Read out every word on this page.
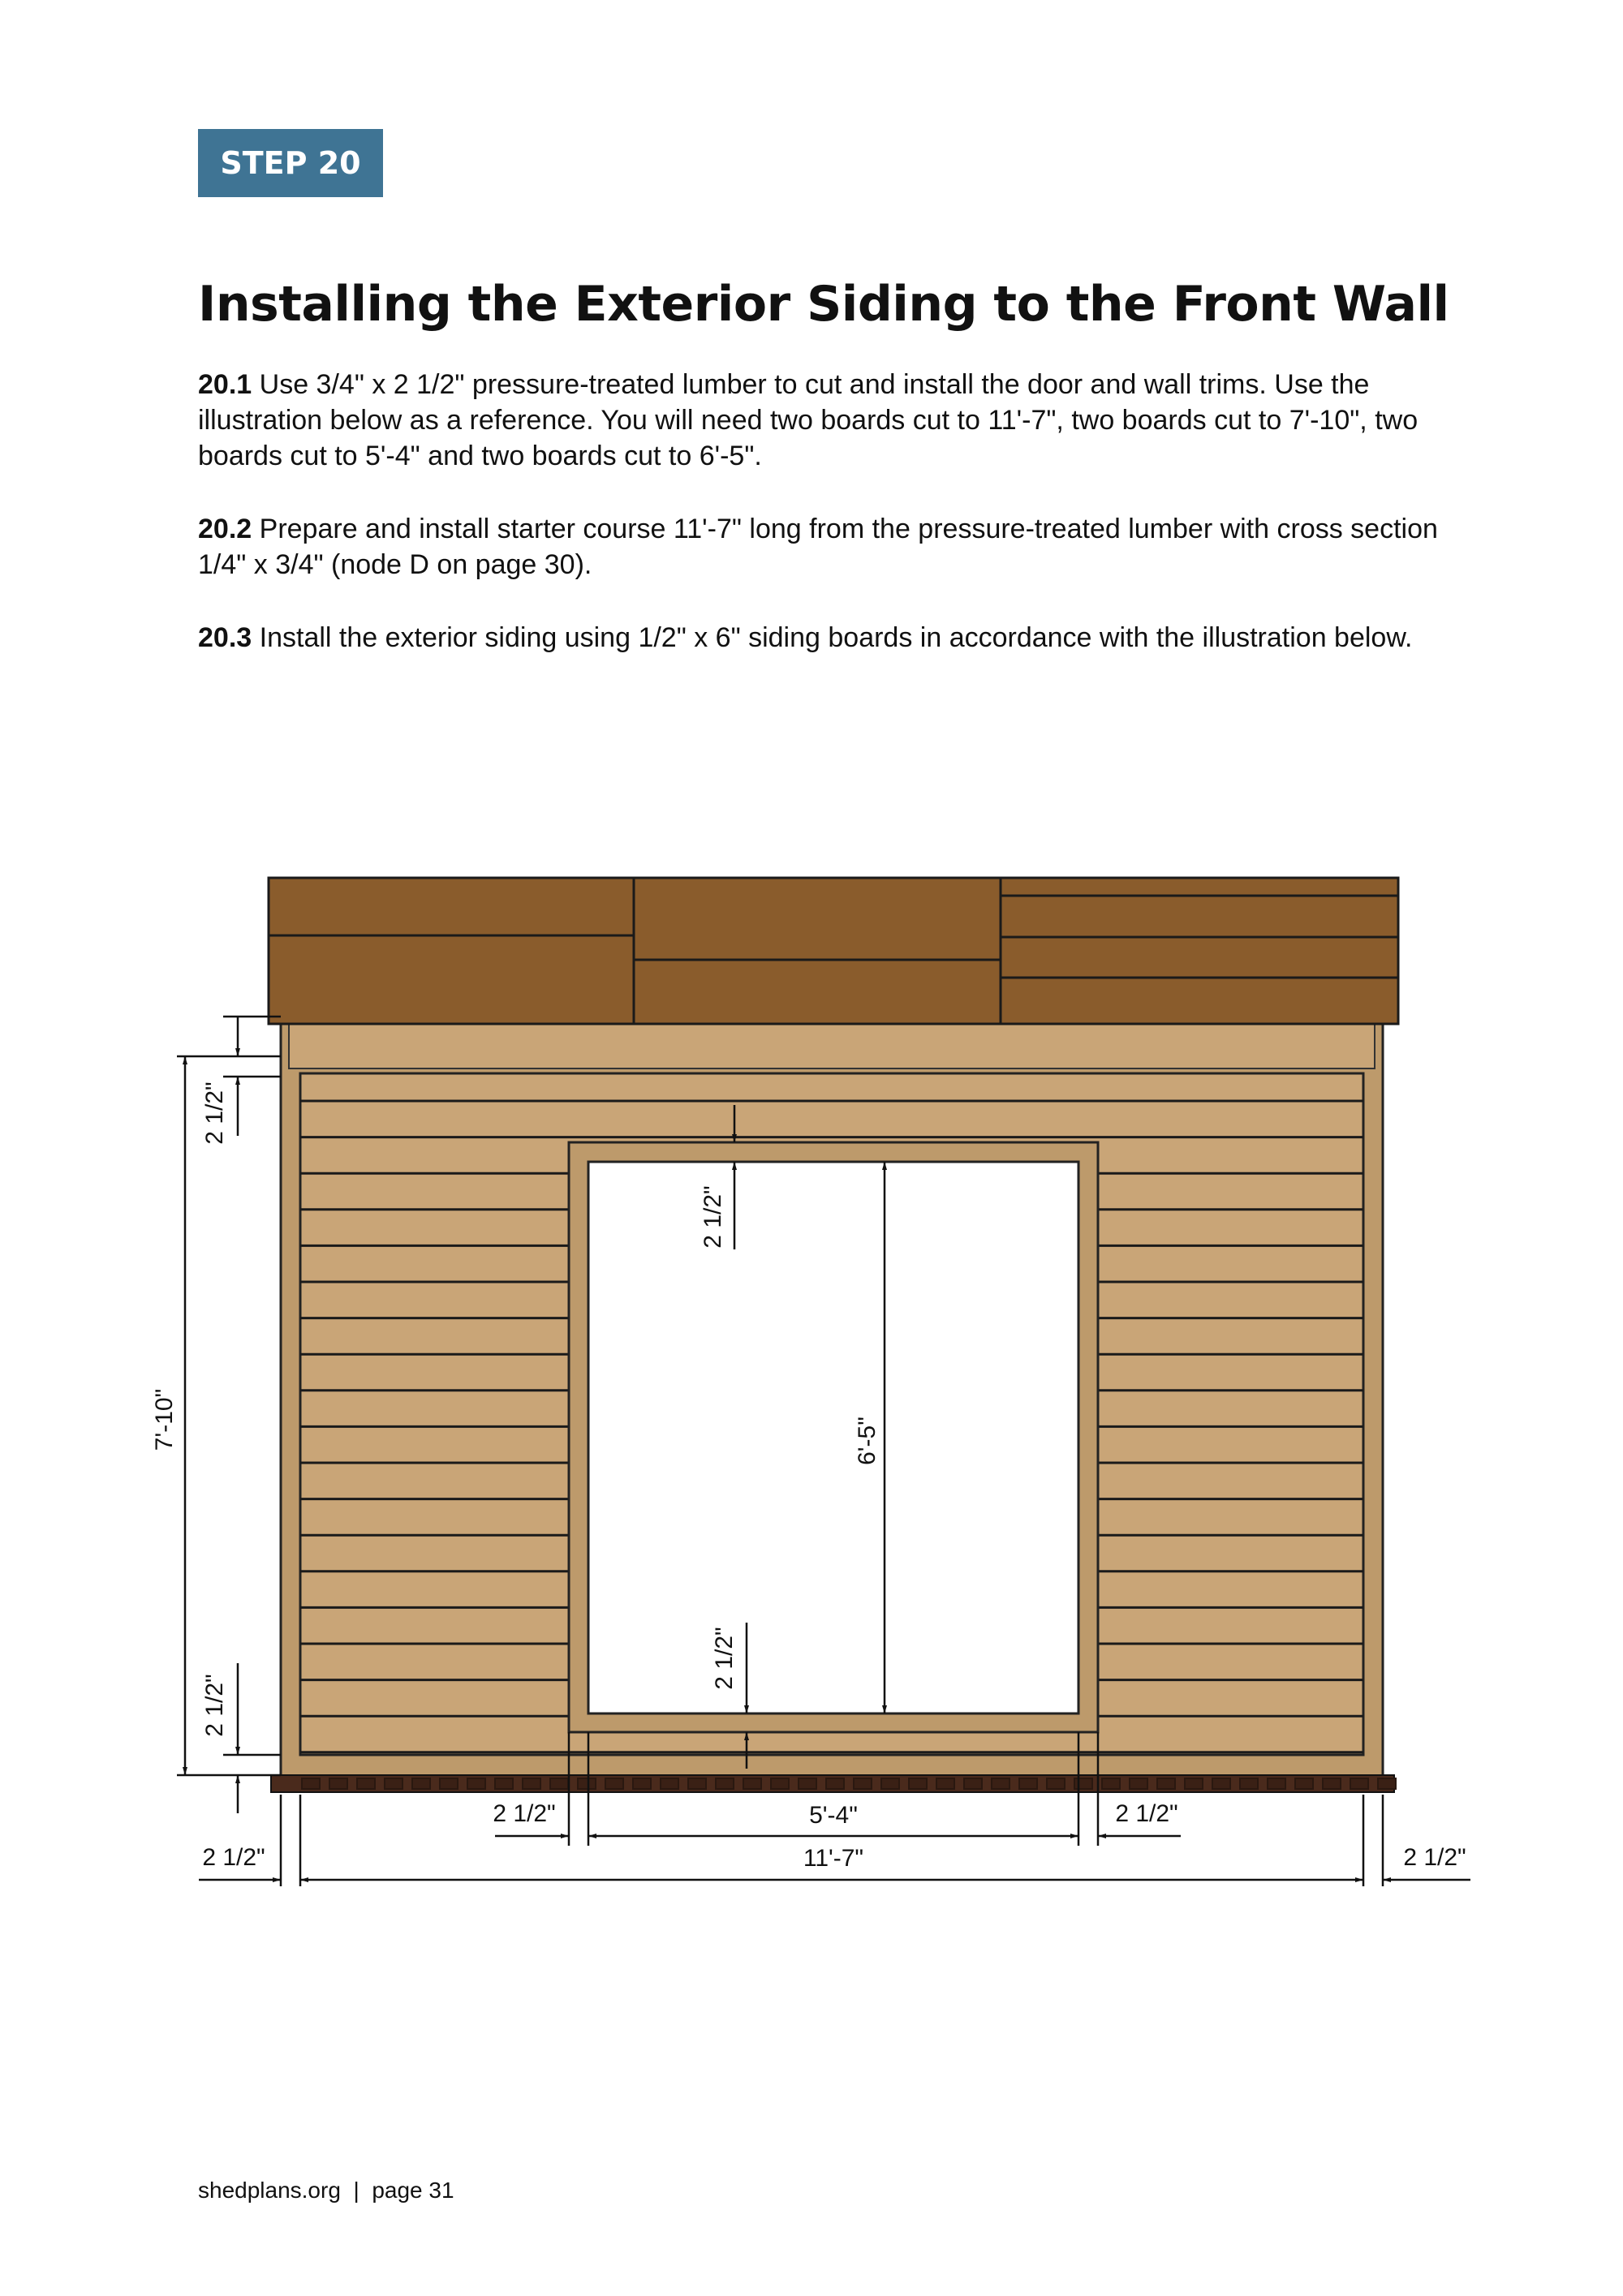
STEP 20
Installing the Exterior Siding to the Front Wall

20.1 Use 3/4" x 2 1/2" pressure-treated lumber to cut and install the door and wall trims. Use the illustration below as a reference. You will need two boards cut to 11'-7", two boards cut to 7'-10", two boards cut to 5'-4" and two boards cut to 6'-5".

20.2 Prepare and install starter course 11'-7" long from the pressure-treated lumber with cross section 1/4" x 3/4" (node D on page 30).

20.3 Install the exterior siding using 1/2" x 6" siding boards in accordance with the illustration below.

2 1/2"
7'-10"
2 1/2"
2 1/2"
6'-5"
2 1/2"
2 1/2"	5'-4"	2 1/2"
2 1/2"	11'-7"	2 1/2"

shedplans.org | page 31
